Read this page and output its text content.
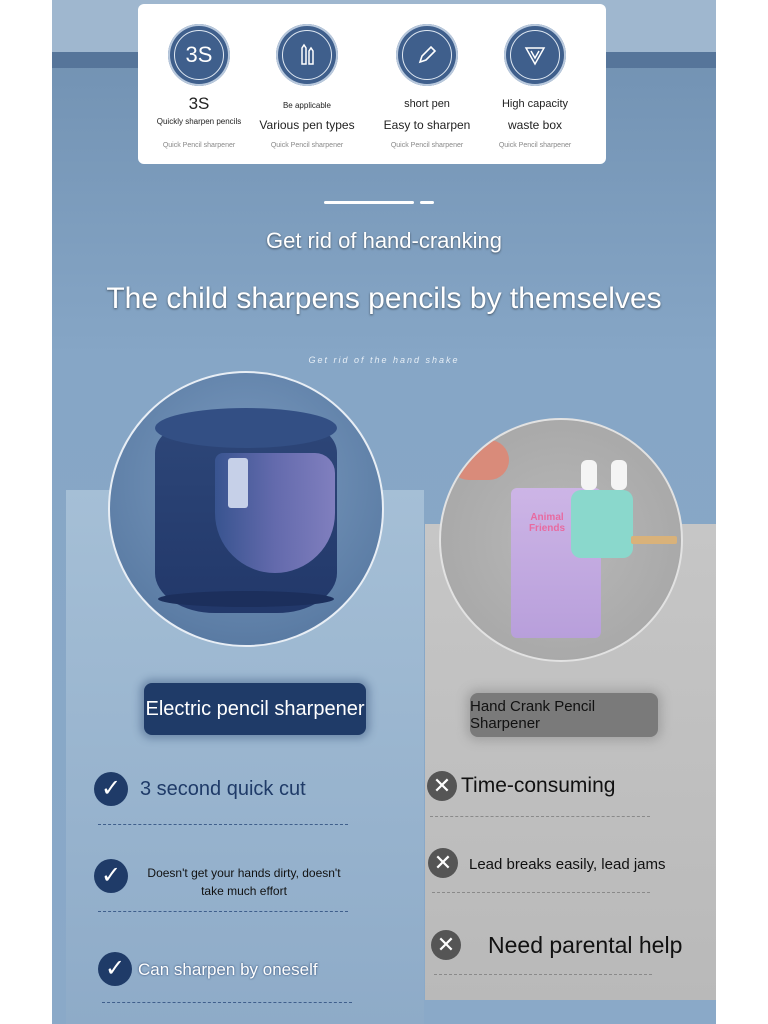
3S
3S
Quickly sharpen pencils
Quick Pencil sharpener
Be applicable
Various pen types
Quick Pencil sharpener
short pen
Easy to sharpen
Quick Pencil sharpener
High capacity
waste box
Quick Pencil sharpener
Get rid of hand-cranking
The child sharpens pencils by themselves
Get rid of the hand shake
Animal Friends
Electric pencil sharpener	Hand Crank Pencil Sharpener
✓ 3 second quick cut
✓	Doesn't get your hands dirty, doesn't take much effort
✓ Can sharpen by oneself
✕ Time-consuming
✕	Lead breaks easily, lead jams
✕ Need parental help
